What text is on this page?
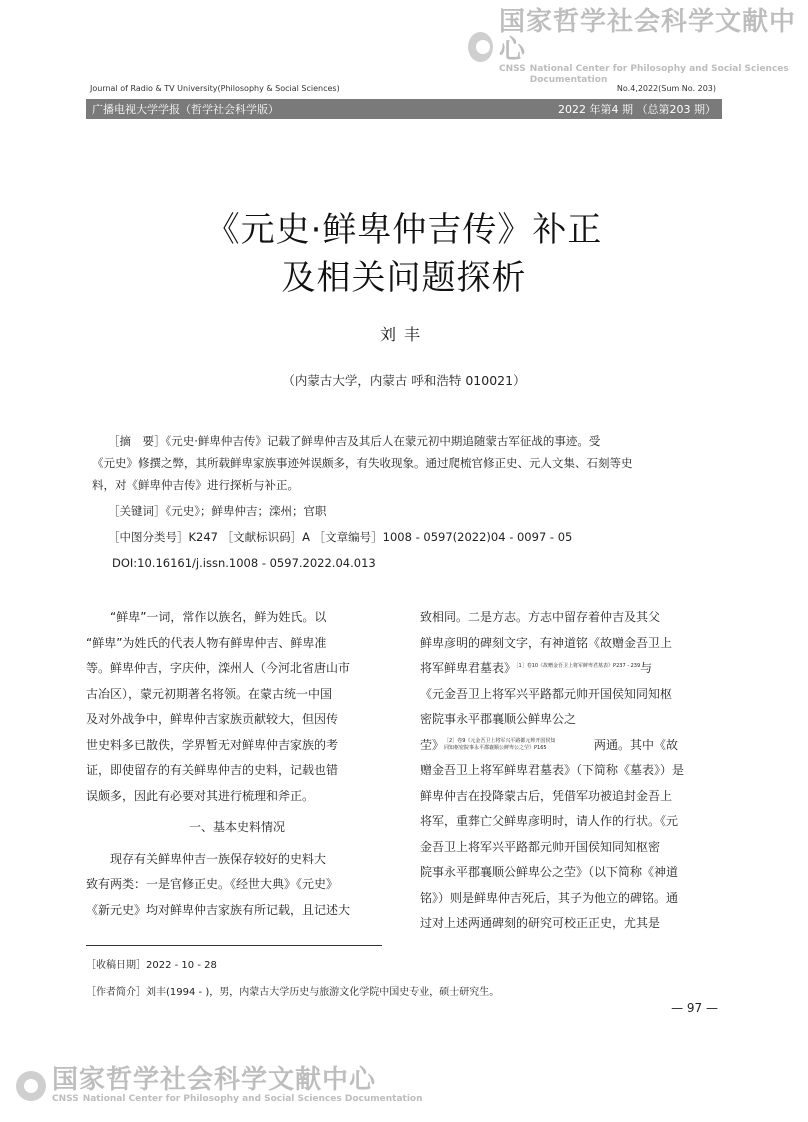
国家哲学社会科学文献中心
CNSS National Center for Philosophy and Social Sciences Documentation
Journal of Radio & TV University(Philosophy & Social Sciences)	No.4,2022(Sum No. 203)
广播电视大学学报（哲学社会科学版）	2022 年第4 期 （总第203 期）
《元史·鲜卑仲吉传》补正
及相关问题探析
刘丰
（内蒙古大学，内蒙古 呼和浩特 010021）

［摘　要］《元史·鲜卑仲吉传》记载了鲜卑仲吉及其后人在蒙元初中期追随蒙古军征战的事迹。受

《元史》修撰之弊，其所载鲜卑家族事迹舛误颇多，有失收现象。通过爬梳官修正史、元人文集、石刻等史

料，对《鲜卑仲吉传》进行探析与补正。

［关键词］《元史》；鲜卑仲吉；滦州；官职

［中图分类号］K247 ［文献标识码］A ［文章编号］1008 - 0597(2022)04 - 0097 - 05

DOI:10.16161/j.issn.1008 - 0597.2022.04.013

“鲜卑”一词，常作以族名，鲜为姓氏。以

“鲜卑”为姓氏的代表人物有鲜卑仲吉、鲜卑准

等。鲜卑仲吉，字庆仲，滦州人（今河北省唐山市

古冶区），蒙元初期著名将领。在蒙古统一中国

及对外战争中，鲜卑仲吉家族贡献较大，但因传

世史料多已散佚，学界暂无对鲜卑仲吉家族的考

证，即使留存的有关鲜卑仲吉的史料，记载也错

误颇多，因此有必要对其进行梳理和斧正。

一、基本史料情况

现存有关鲜卑仲吉一族保存较好的史料大

致有两类：一是官修正史。《经世大典》《元史》

《新元史》均对鲜卑仲吉家族有所记载，且记述大

致相同。二是方志。方志中留存着仲吉及其父

鲜卑彦明的碑刻文字，有神道铭《故赠金吾卫上

将军鲜卑君墓表》$^{[1]卷10《故赠金吾卫上将军鲜卑君墓表》P237 - 239}$与

《元金吾卫上将军兴平路都元帅开国侯知同知枢

密院事永平郡襄顺公鲜卑公之

茔》［2］卷9《元金吾卫上将军兴平路都元帅开国侯知
同知枢密院事永平郡襄顺公鲜卑公之茔》P165	两通。其中《故

赠金吾卫上将军鲜卑君墓表》（下简称《墓表》）是

鲜卑仲吉在投降蒙古后，凭借军功被追封金吾上

将军，重葬亡父鲜卑彦明时，请人作的行状。《元

金吾卫上将军兴平路都元帅开国侯知同知枢密

院事永平郡襄顺公鲜卑公之茔》（以下简称《神道

铭》）则是鲜卑仲吉死后，其子为他立的碑铭。通

过对上述两通碑刻的研究可校正正史，尤其是

［收稿日期］2022 - 10 - 28
［作者简介］刘丰(1994 - )，男，内蒙古大学历史与旅游文化学院中国史专业，硕士研究生。
— 97 —
国家哲学社会科学文献中心
CNSS National Center for Philosophy and Social Sciences Documentation
